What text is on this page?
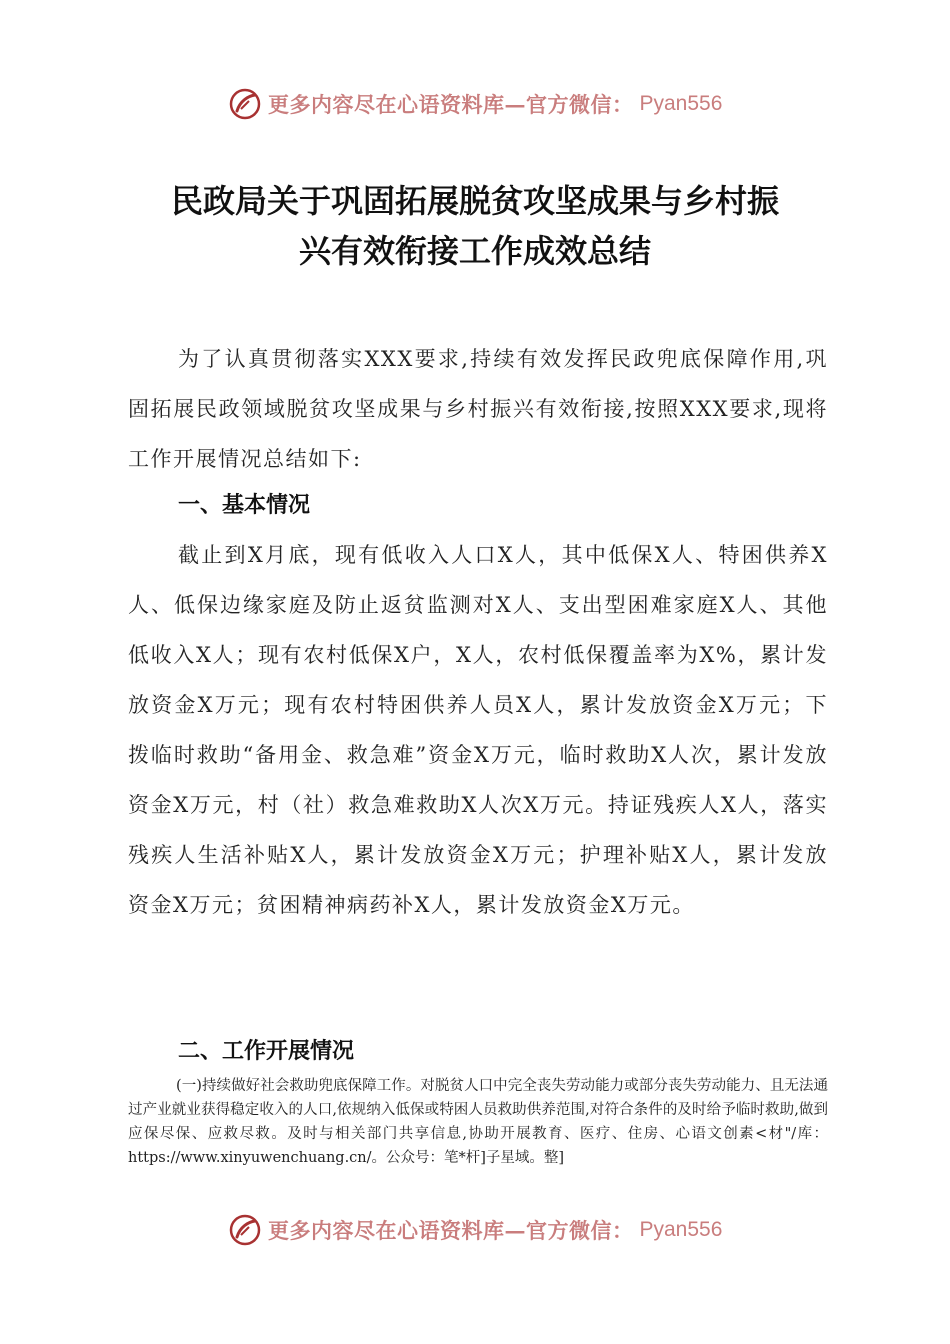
更多内容尽在心语资料库—官方微信： Pyan556
民政局关于巩固拓展脱贫攻坚成果与乡村振
兴有效衔接工作成效总结

为了认真贯彻落实XXX要求,持续有效发挥民政兜底保障作用,巩固拓展民政领域脱贫攻坚成果与乡村振兴有效衔接,按照XXX要求,现将工作开展情况总结如下:

一、基本情况

截止到X月底，现有低收入人口X人，其中低保X人、特困供养X人、低保边缘家庭及防止返贫监测对X人、支出型困难家庭X人、其他低收入X人；现有农村低保X户，X人，农村低保覆盖率为X%，累计发放资金X万元；现有农村特困供养人员X人，累计发放资金X万元；下拨临时救助“备用金、救急难”资金X万元，临时救助X人次，累计发放资金X万元，村（社）救急难救助X人次X万元。持证残疾人X人，落实残疾人生活补贴X人，累计发放资金X万元；护理补贴X人，累计发放资金X万元；贫困精神病药补X人，累计发放资金X万元。

二、工作开展情况

(一)持续做好社会救助兜底保障工作。对脱贫人口中完全丧失劳动能力或部分丧失劳动能力、且无法通过产业就业获得稳定收入的人口,依规纳入低保或特困人员救助供养范围,对符合条件的及时给予临时救助,做到应保尽保、应救尽救。及时与相关部门共享信息,协助开展教育、医疗、住房、心语文创素<材"/库：https://www.xinyuwenchuang.cn/。公众号：笔*杆]子星域。整]

更多内容尽在心语资料库—官方微信： Pyan556
